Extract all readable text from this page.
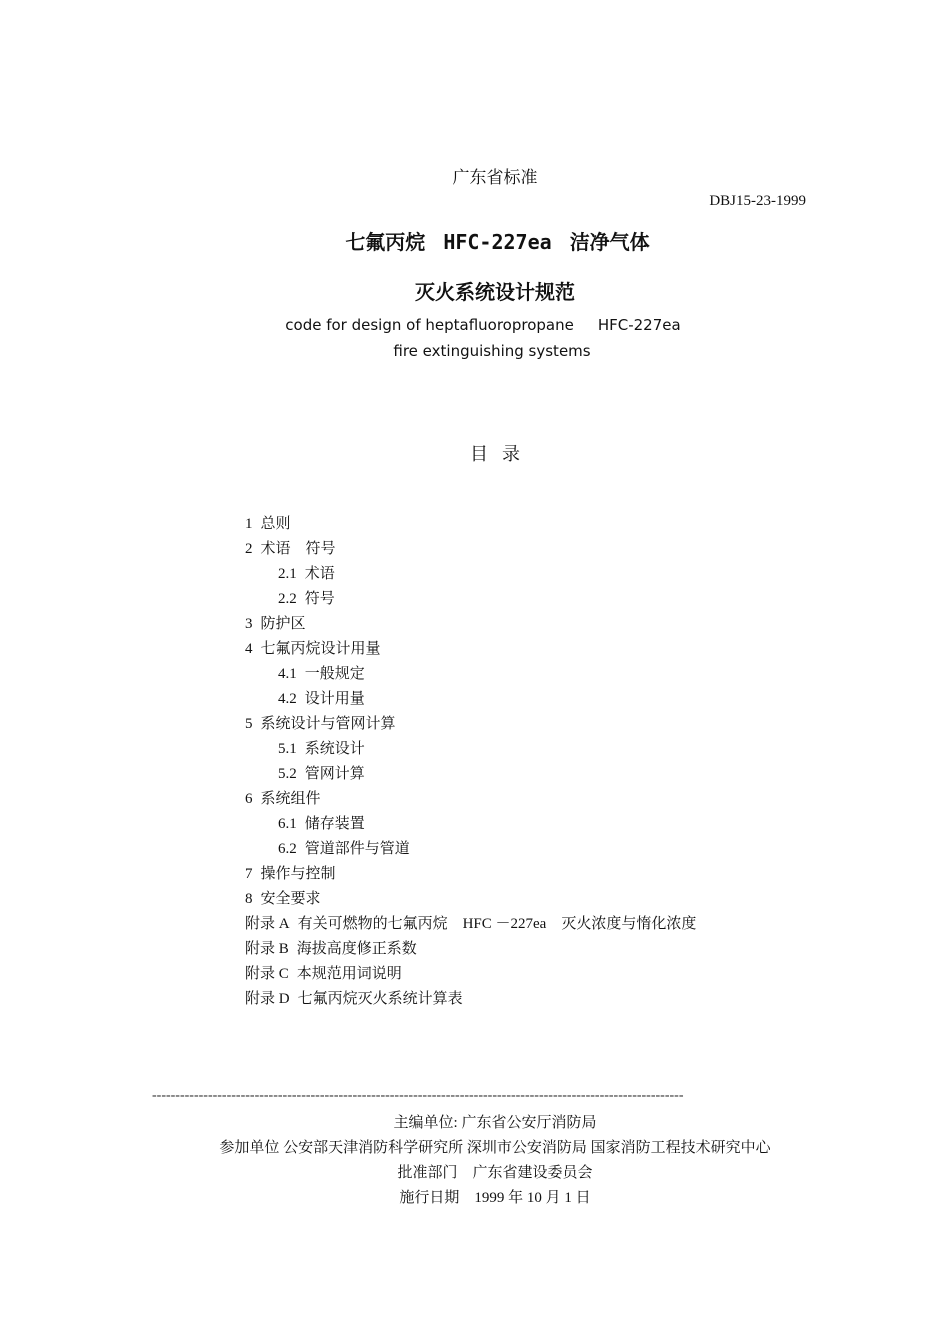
广东省标准
DBJ15-23-1999
七氟丙烷 HFC-227ea 洁净气体
灭火系统设计规范
code for design of heptafluoropropane HFC-227ea
fire extinguishing systems
目录
1 总则
2 术语　符号
2.1 术语
2.2 符号
3 防护区
4 七氟丙烷设计用量
4.1 一般规定
4.2 设计用量
5 系统设计与管网计算
5.1 系统设计
5.2 管网计算
6 系统组件
6.1 储存装置
6.2 管道部件与管道
7 操作与控制
8 安全要求
附录 A 有关可燃物的七氟丙烷　HFC －227ea　灭火浓度与惰化浓度
附录 B 海拔高度修正系数
附录 C 本规范用词说明
附录 D 七氟丙烷灭火系统计算表
------------------------------------------------------------------------------------------------------------------
主编单位: 广东省公安厅消防局
参加单位 公安部天津消防科学研究所 深圳市公安消防局 国家消防工程技术研究中心
批准部门　广东省建设委员会
施行日期　1999 年 10 月 1 日
